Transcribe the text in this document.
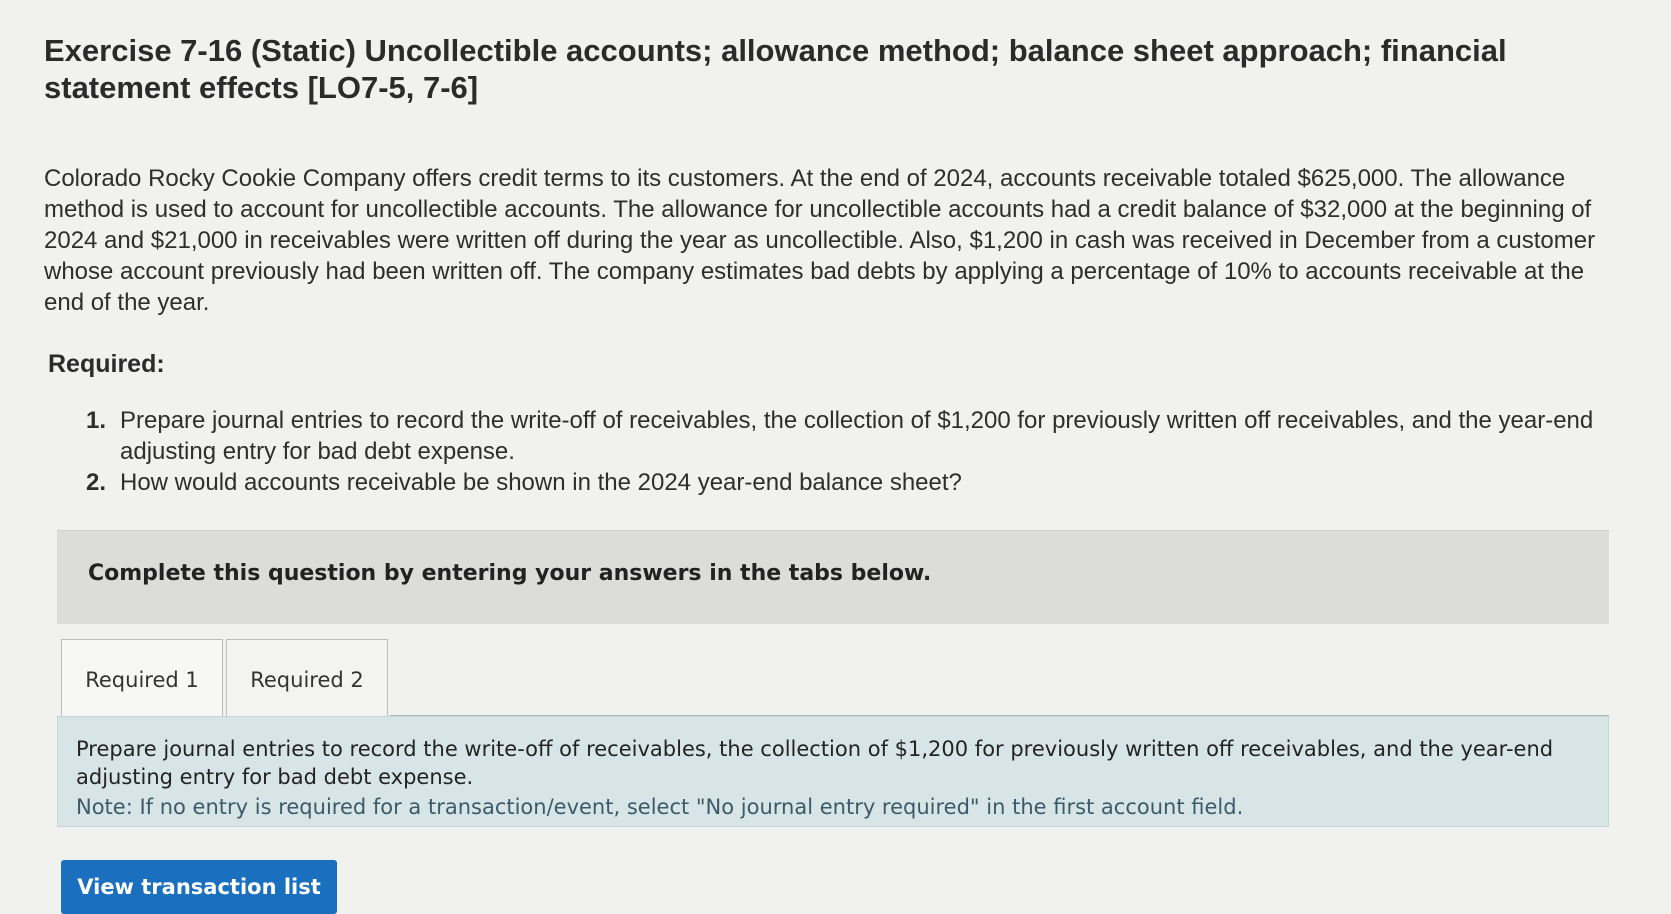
Exercise 7-16 (Static) Uncollectible accounts; allowance method; balance sheet approach; financial statement effects [LO7-5, 7-6]
Colorado Rocky Cookie Company offers credit terms to its customers. At the end of 2024, accounts receivable totaled $625,000. The allowance method is used to account for uncollectible accounts. The allowance for uncollectible accounts had a credit balance of $32,000 at the beginning of 2024 and $21,000 in receivables were written off during the year as uncollectible. Also, $1,200 in cash was received in December from a customer whose account previously had been written off. The company estimates bad debts by applying a percentage of 10% to accounts receivable at the end of the year.
Required:
1. Prepare journal entries to record the write-off of receivables, the collection of $1,200 for previously written off receivables, and the year-end adjusting entry for bad debt expense.
2. How would accounts receivable be shown in the 2024 year-end balance sheet?
Complete this question by entering your answers in the tabs below.
Required 1 Required 2
Prepare journal entries to record the write-off of receivables, the collection of $1,200 for previously written off receivables, and the year-end adjusting entry for bad debt expense.
Note: If no entry is required for a transaction/event, select "No journal entry required" in the first account field.
View transaction list
